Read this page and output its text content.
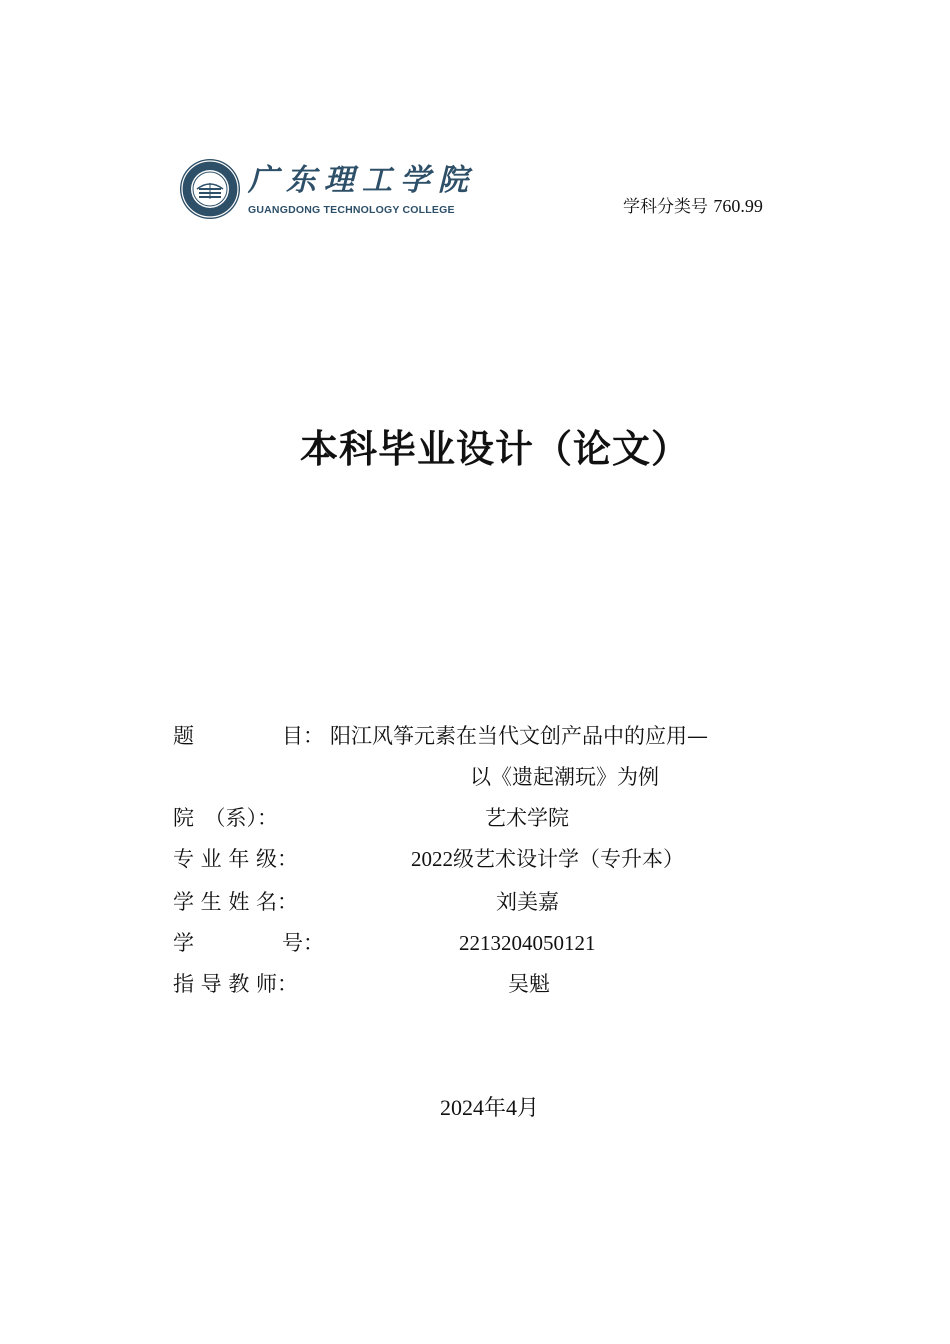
广东理工学院
GUANGDONG TECHNOLOGY COLLEGE	学科分类号 760.99
本科毕业设计（论文）
题	目： 阳江风筝元素在当代文创产品中的应用—
以《遗起潮玩》为例
院　（系）：	艺术学院
专 业 年 级：	2022级艺术设计学（专升本）
学 生 姓 名：	刘美嘉
学	号：	2213204050121
指 导 教 师：	吴魁
2024年4月
